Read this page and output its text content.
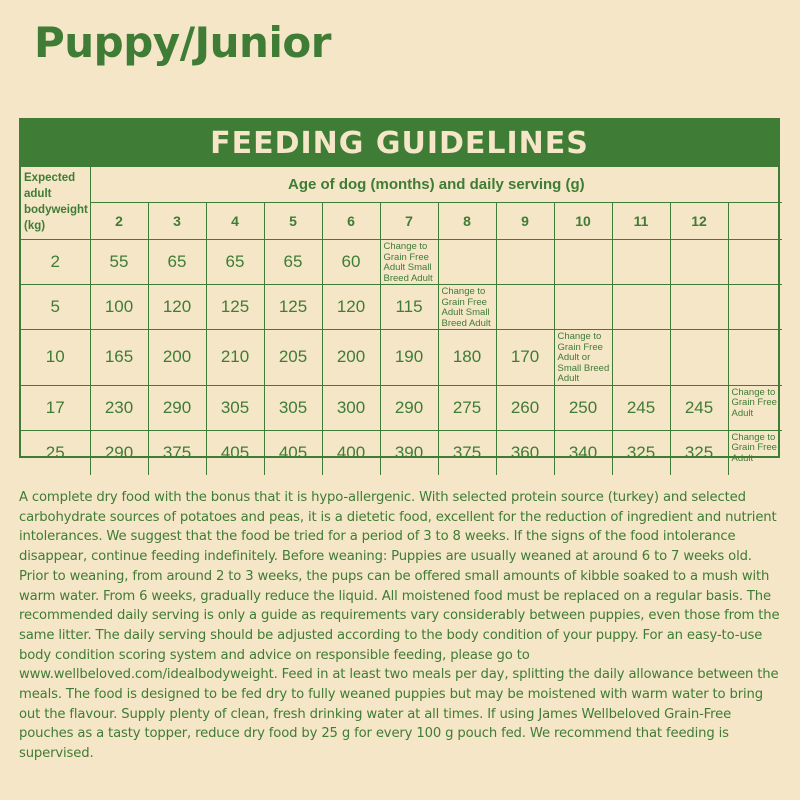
Puppy/Junior
FEEDING GUIDELINES
Expected adult bodyweight (kg)	Age of dog (months) and daily serving (g)											
	2	3	4	5	6	7	8	9	10	11	12	
2	55	65	65	65	60	Change to Grain Free Adult Small Breed Adult						
5	100	120	125	125	120	115	Change to Grain Free Adult Small Breed Adult					
10	165	200	210	205	200	190	180	170	Change to Grain Free Adult or Small Breed Adult			
17	230	290	305	305	300	290	275	260	250	245	245	Change to Grain Free Adult
25	290	375	405	405	400	390	375	360	340	325	325	Change to Grain Free Adult

A complete dry food with the bonus that it is hypo-allergenic. With selected protein source (turkey) and selected carbohydrate sources of potatoes and peas, it is a dietetic food, excellent for the reduction of ingredient and nutrient intolerances. We suggest that the food be tried for a period of 3 to 8 weeks. If the signs of the food intolerance disappear, continue feeding indefinitely. Before weaning: Puppies are usually weaned at around 6 to 7 weeks old. Prior to weaning, from around 2 to 3 weeks, the pups can be offered small amounts of kibble soaked to a mush with warm water. From 6 weeks, gradually reduce the liquid. All moistened food must be replaced on a regular basis. The recommended daily serving is only a guide as requirements vary considerably between puppies, even those from the same litter. The daily serving should be adjusted according to the body condition of your puppy. For an easy-to-use body condition scoring system and advice on responsible feeding, please go to www.wellbeloved.com/idealbodyweight. Feed in at least two meals per day, splitting the daily allowance between the meals. The food is designed to be fed dry to fully weaned puppies but may be moistened with warm water to bring out the flavour. Supply plenty of clean, fresh drinking water at all times. If using James Wellbeloved Grain-Free pouches as a tasty topper, reduce dry food by 25 g for every 100 g pouch fed. We recommend that feeding is supervised.
